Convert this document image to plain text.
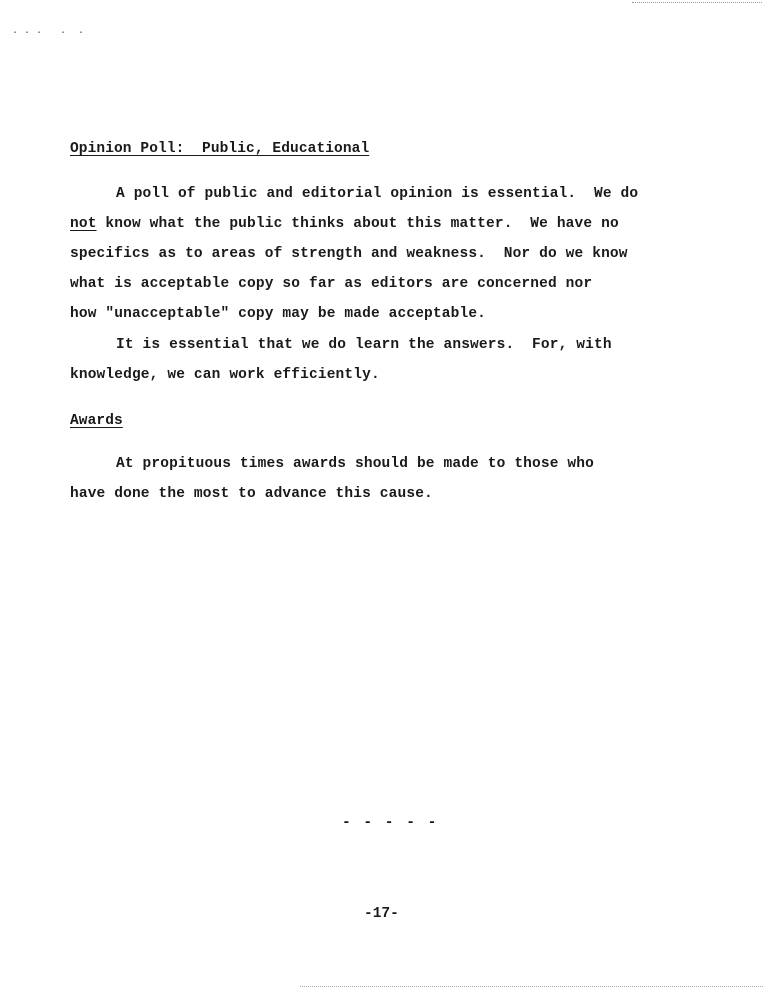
. . .   .  .
Opinion Poll:  Public, Educational
A poll of public and editorial opinion is essential.  We do
not know what the public thinks about this matter.  We have no
specifics as to areas of strength and weakness.  Nor do we know
what is acceptable copy so far as editors are concerned nor
how "unacceptable" copy may be made acceptable.
It is essential that we do learn the answers.  For, with
knowledge, we can work efficiently.
Awards
At propituous times awards should be made to those who
have done the most to advance this cause.
- - - - -
-17-
